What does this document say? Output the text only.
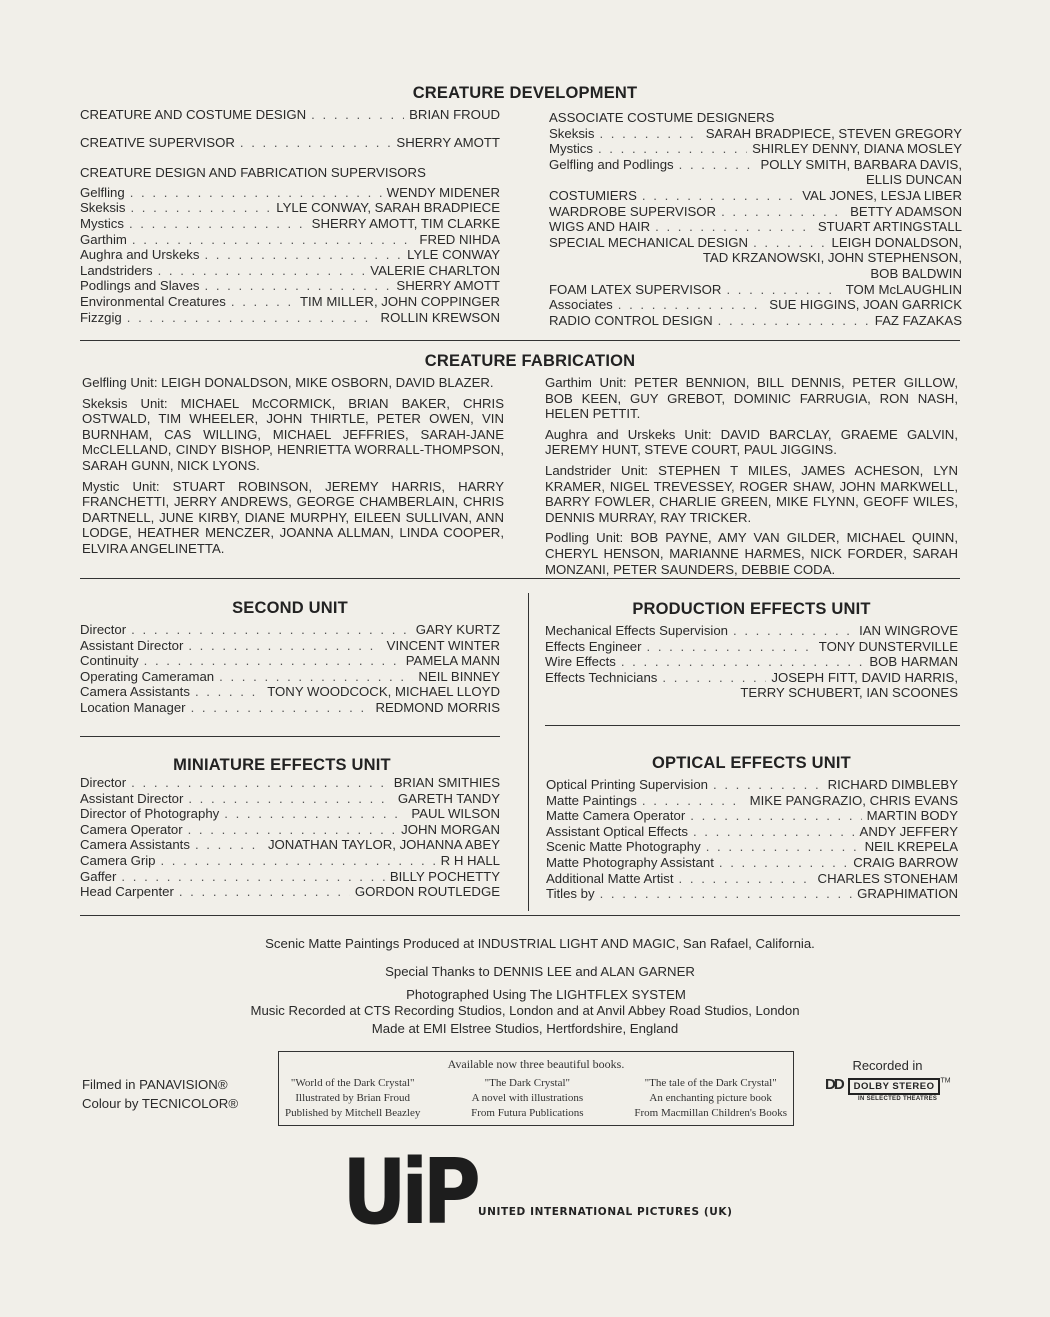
CREATURE DEVELOPMENT
CREATURE AND COSTUME DESIGN . . .	BRIAN FROUD
CREATIVE SUPERVISOR . . .	SHERRY AMOTT
CREATURE DESIGN AND FABRICATION SUPERVISORS
Gelfling . . .	WENDY MIDENER
Skeksis . . .	LYLE CONWAY, SARAH BRADPIECE
Mystics . . .	SHERRY AMOTT, TIM CLARKE
Garthim . . .	FRED NIHDA
Aughra and Urskeks . . .	LYLE CONWAY
Landstriders . . .	VALERIE CHARLTON
Podlings and Slaves . . .	SHERRY AMOTT
Environmental Creatures . . .	TIM MILLER, JOHN COPPINGER
Fizzgig . . .	ROLLIN KREWSON
ASSOCIATE COSTUME DESIGNERS
Skeksis . . .	SARAH BRADPIECE, STEVEN GREGORY
Mystics . . .	SHIRLEY DENNY, DIANA MOSLEY
Gelfling and Podlings . . .	POLLY SMITH, BARBARA DAVIS,
ELLIS DUNCAN
COSTUMIERS . . .	VAL JONES, LESJA LIBER
WARDROBE SUPERVISOR . . .	BETTY ADAMSON
WIGS AND HAIR . . .	STUART ARTINGSTALL
SPECIAL MECHANICAL DESIGN . . .	LEIGH DONALDSON,
TAD KRZANOWSKI, JOHN STEPHENSON,
BOB BALDWIN
FOAM LATEX SUPERVISOR . . .	TOM McLAUGHLIN
Associates . . .	SUE HIGGINS, JOAN GARRICK
RADIO CONTROL DESIGN . . .	FAZ FAZAKAS
CREATURE FABRICATION

Gelfling Unit: LEIGH DONALDSON, MIKE OSBORN, DAVID BLAZER.

Skeksis Unit: MICHAEL McCORMICK, BRIAN BAKER, CHRIS OSTWALD, TIM WHEELER, JOHN THIRTLE, PETER OWEN, VIN BURNHAM, CAS WILLING, MICHAEL JEFFRIES, SARAH-JANE McCLELLAND, CINDY BISHOP, HENRIETTA WORRALL-THOMPSON, SARAH GUNN, NICK LYONS.

Mystic Unit: STUART ROBINSON, JEREMY HARRIS, HARRY FRANCHETTI, JERRY ANDREWS, GEORGE CHAMBERLAIN, CHRIS DARTNELL, JUNE KIRBY, DIANE MURPHY, EILEEN SULLIVAN, ANN LODGE, HEATHER MENCZER, JOANNA ALLMAN, LINDA COOPER, ELVIRA ANGELINETTA.

Garthim Unit: PETER BENNION, BILL DENNIS, PETER GILLOW, BOB KEEN, GUY GREBOT, DOMINIC FARRUGIA, RON NASH, HELEN PETTIT.

Aughra and Urskeks Unit: DAVID BARCLAY, GRAEME GALVIN, JEREMY HUNT, STEVE COURT, PAUL JIGGINS.

Landstrider Unit: STEPHEN T MILES, JAMES ACHESON, LYN KRAMER, NIGEL TREVESSEY, ROGER SHAW, JOHN MARKWELL, BARRY FOWLER, CHARLIE GREEN, MIKE FLYNN, GEOFF WILES, DENNIS MURRAY, RAY TRICKER.

Podling Unit: BOB PAYNE, AMY VAN GILDER, MICHAEL QUINN, CHERYL HENSON, MARIANNE HARMES, NICK FORDER, SARAH MONZANI, PETER SAUNDERS, DEBBIE CODA.

SECOND UNIT
Director . . .	GARY KURTZ
Assistant Director . . .	VINCENT WINTER
Continuity . . .	PAMELA MANN
Operating Cameraman . . .	NEIL BINNEY
Camera Assistants . . .	TONY WOODCOCK, MICHAEL LLOYD
Location Manager . . .	REDMOND MORRIS
PRODUCTION EFFECTS UNIT
Mechanical Effects Supervision . . .	IAN WINGROVE
Effects Engineer . . .	TONY DUNSTERVILLE
Wire Effects . . .	BOB HARMAN
Effects Technicians . . .	JOSEPH FITT, DAVID HARRIS,
TERRY SCHUBERT, IAN SCOONES
MINIATURE EFFECTS UNIT
Director . . .	BRIAN SMITHIES
Assistant Director . . .	GARETH TANDY
Director of Photography . . .	PAUL WILSON
Camera Operator . . .	JOHN MORGAN
Camera Assistants . . .	JONATHAN TAYLOR, JOHANNA ABEY
Camera Grip . . .	R H HALL
Gaffer . . .	BILLY POCHETTY
Head Carpenter . . .	GORDON ROUTLEDGE
OPTICAL EFFECTS UNIT
Optical Printing Supervision . . .	RICHARD DIMBLEBY
Matte Paintings . . .	MIKE PANGRAZIO, CHRIS EVANS
Matte Camera Operator . . .	MARTIN BODY
Assistant Optical Effects . . .	ANDY JEFFERY
Scenic Matte Photography . . .	NEIL KREPELA
Matte Photography Assistant . . .	CRAIG BARROW
Additional Matte Artist . . .	CHARLES STONEHAM
Titles by . . .	GRAPHIMATION
Scenic Matte Paintings Produced at INDUSTRIAL LIGHT AND MAGIC, San Rafael, California.
Special Thanks to DENNIS LEE and ALAN GARNER
Photographed Using The LIGHTFLEX SYSTEM
Music Recorded at CTS Recording Studios, London and at Anvil Abbey Road Studios, London
Made at EMI Elstree Studios, Hertfordshire, England
Filmed in PANAVISION®
Colour by TECNICOLOR®
Available now three beautiful books.
"World of the Dark Crystal"
Illustrated by Brian Froud
Published by Mitchell Beazley
"The Dark Crystal"
A novel with illustrations
From Futura Publications
"The tale of the Dark Crystal"
An enchanting picture book
From Macmillan Children's Books
Recorded in
DD DOLBY STEREO ™
IN SELECTED THEATRES
UiP UNITED INTERNATIONAL PICTURES (UK)
